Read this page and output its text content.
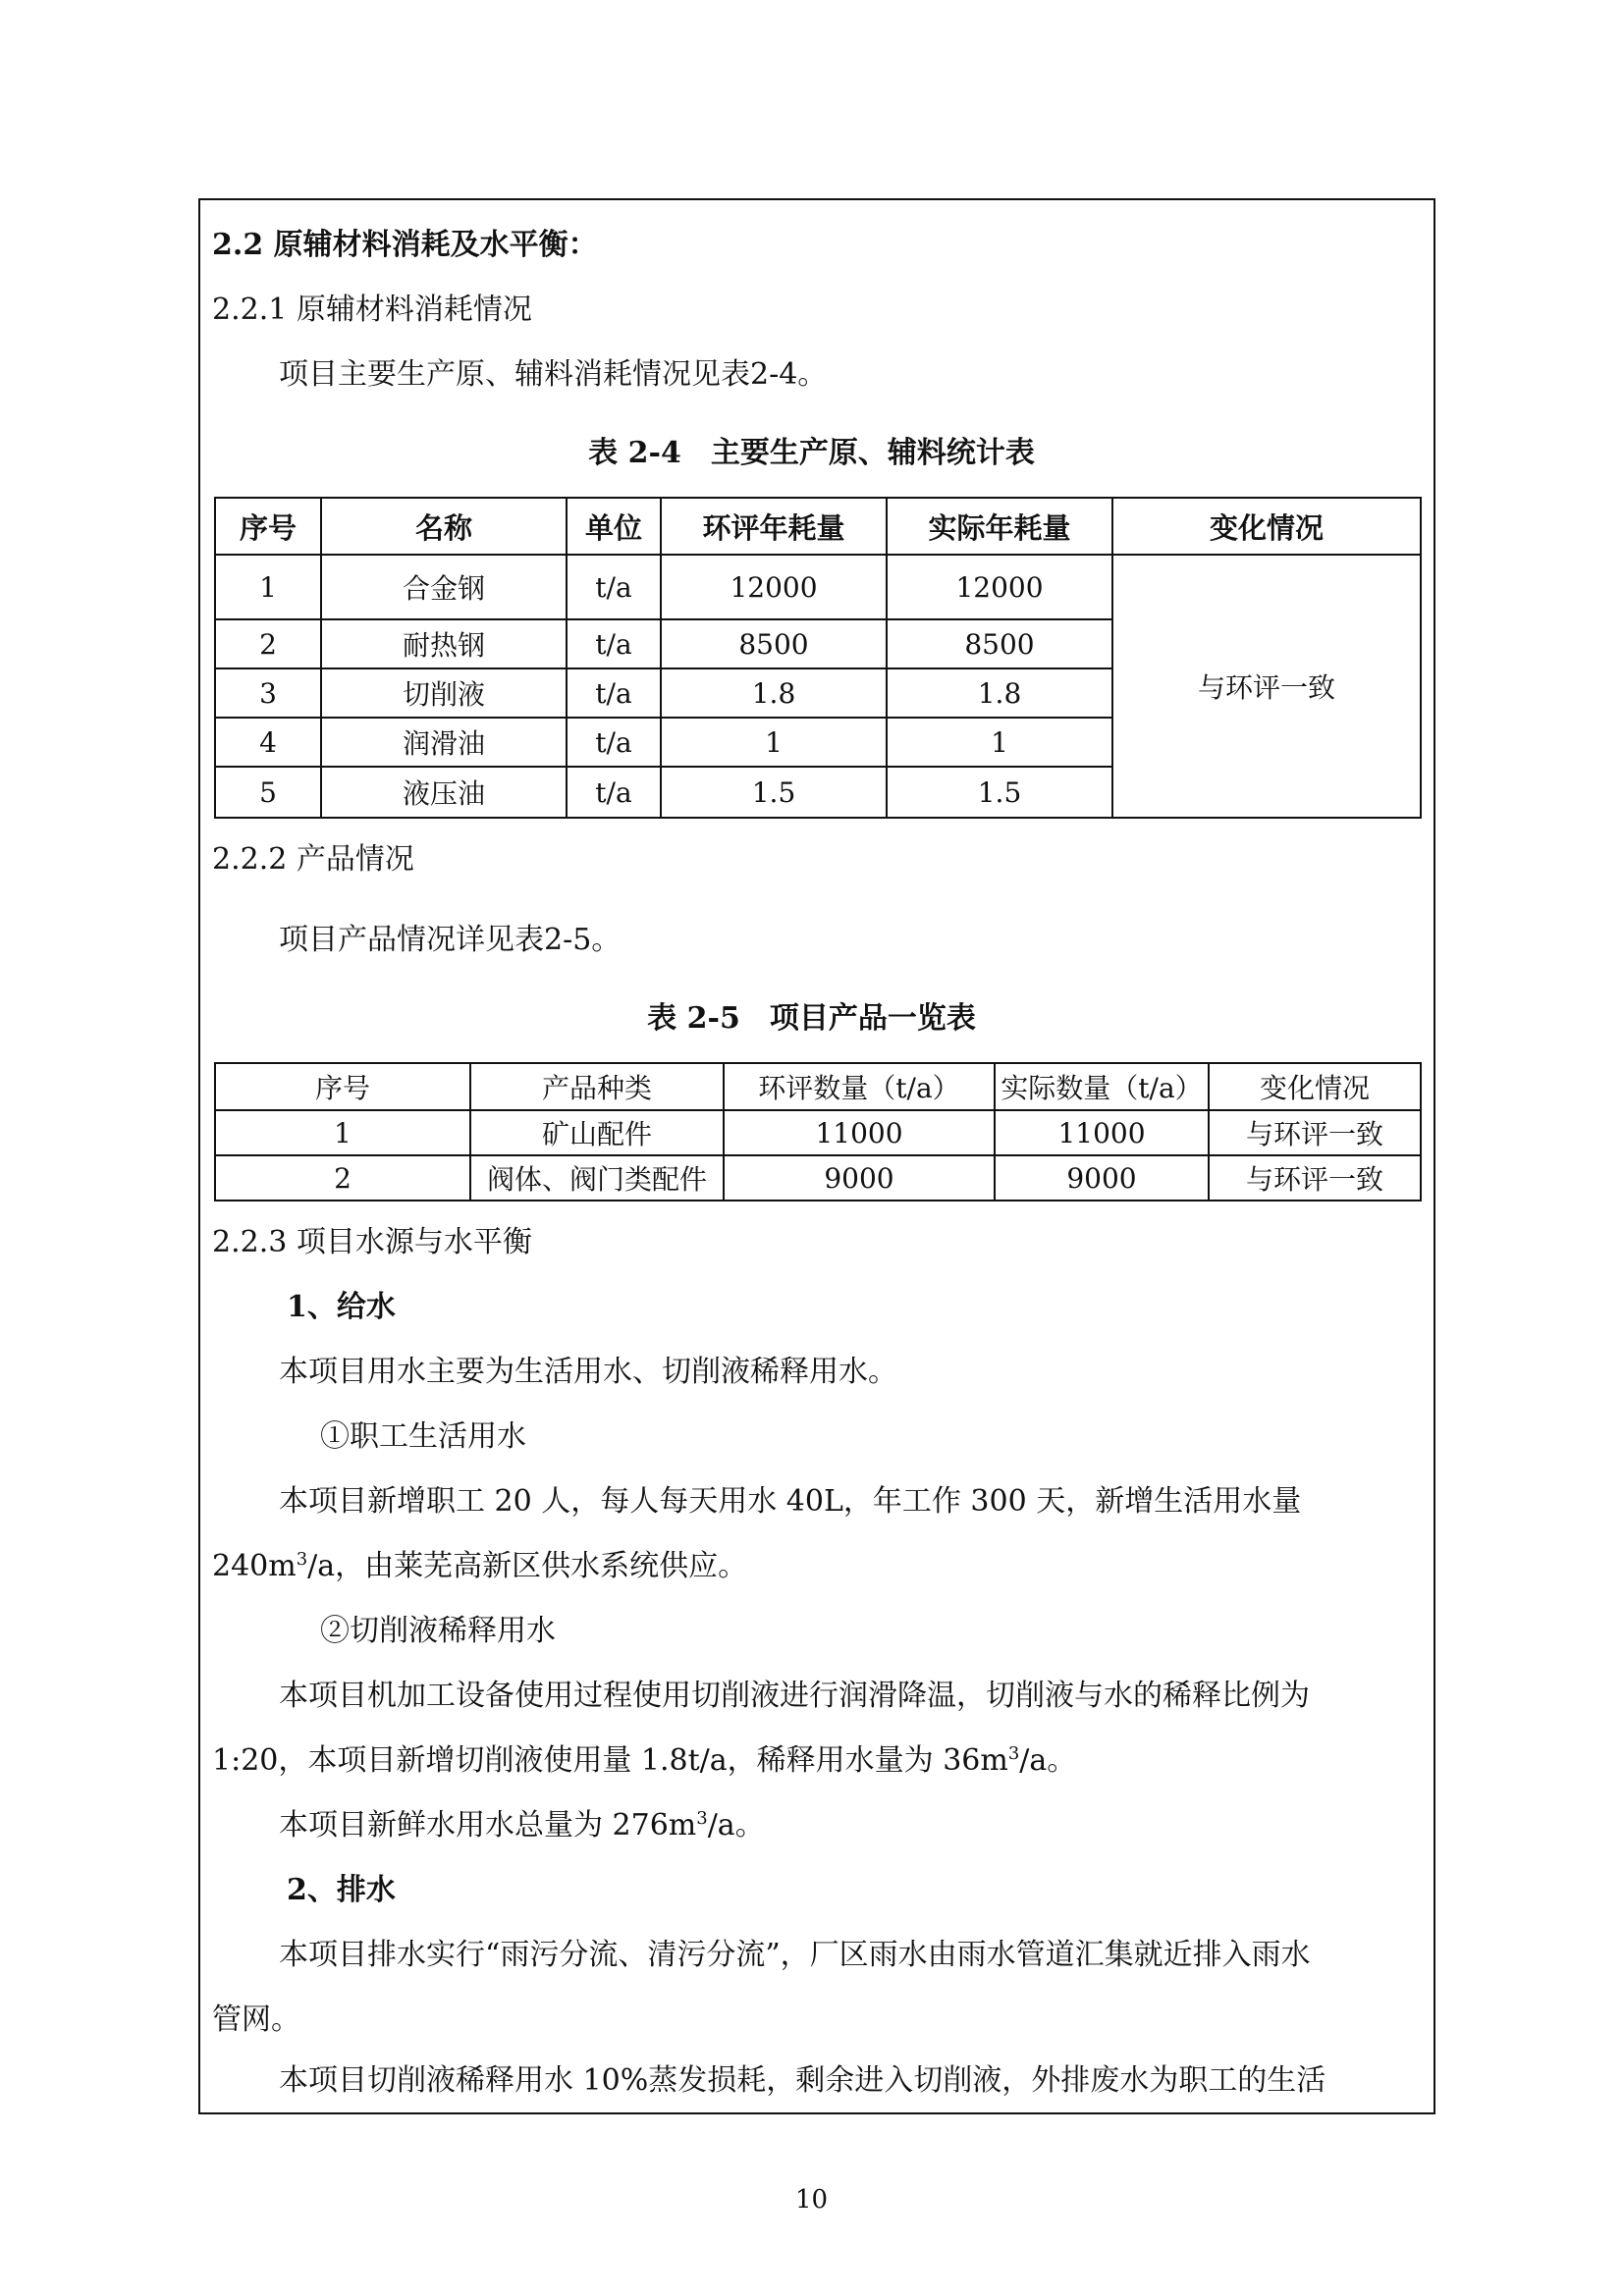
2.2 原辅材料消耗及水平衡：
2.2.1 原辅材料消耗情况
项目主要生产原、辅料消耗情况见表2-4。
表 2-4　主要生产原、辅料统计表
序号	名称	单位	环评年耗量	实际年耗量	变化情况
1	合金钢	t/a	12000	12000	与环评一致
2	耐热钢	t/a	8500	8500	
3	切削液	t/a	1.8	1.8	
4	润滑油	t/a	1	1	
5	液压油	t/a	1.5	1.5	
2.2.2 产品情况
项目产品情况详见表2-5。
表 2-5　项目产品一览表
序号	产品种类	环评数量（t/a）	实际数量（t/a）	变化情况
1	矿山配件	11000	11000	与环评一致
2	阀体、阀门类配件	9000	9000	与环评一致
2.2.3 项目水源与水平衡
1、给水
本项目用水主要为生活用水、切削液稀释用水。
①职工生活用水
本项目新增职工 20 人，每人每天用水 40L，年工作 300 天，新增生活用水量
$240m^3/a$，由莱芜高新区供水系统供应。
②切削液稀释用水
本项目机加工设备使用过程使用切削液进行润滑降温，切削液与水的稀释比例为
1:20，本项目新增切削液使用量 1.8t/a，稀释用水量为 $36m^3/a$。
本项目新鲜水用水总量为 $276m^3/a$。
2、排水
本项目排水实行“雨污分流、清污分流”，厂区雨水由雨水管道汇集就近排入雨水
管网。
本项目切削液稀释用水 10%蒸发损耗，剩余进入切削液，外排废水为职工的生活
10
